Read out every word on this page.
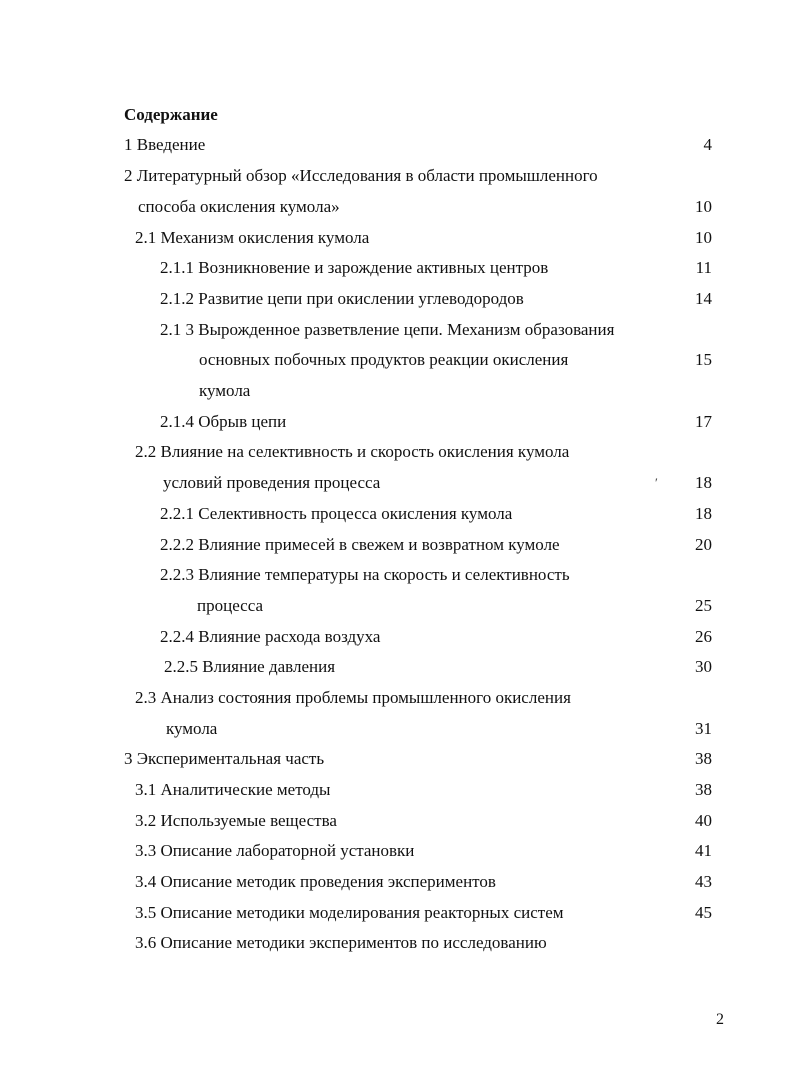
Содержание
1 Введение	4
2 Литературный обзор «Исследования в области промышленного
способа окисления кумола»	10
2.1 Механизм окисления кумола	10
2.1.1 Возникновение и зарождение активных центров	11
2.1.2 Развитие цепи при окислении углеводородов	14
2.1 3 Вырожденное разветвление цепи. Механизм образования
основных побочных продуктов реакции окисления	15
кумола
2.1.4 Обрыв цепи	17
2.2 Влияние на селективность и скорость окисления кумола
условий проведения процесса	18
2.2.1 Селективность процесса окисления кумола	18
2.2.2 Влияние примесей в свежем и возвратном кумоле	20
2.2.3 Влияние температуры на скорость и селективность
процесса	25
2.2.4 Влияние расхода воздуха	26
2.2.5 Влияние давления	30
2.3 Анализ состояния проблемы промышленного окисления
кумола	31
3 Экспериментальная часть	38
3.1 Аналитические методы	38
3.2 Используемые вещества	40
3.3 Описание лабораторной установки	41
3.4 Описание методик проведения экспериментов	43
3.5 Описание методики моделирования реакторных систем	45
3.6 Описание методики экспериментов по исследованию
ʹ
2
